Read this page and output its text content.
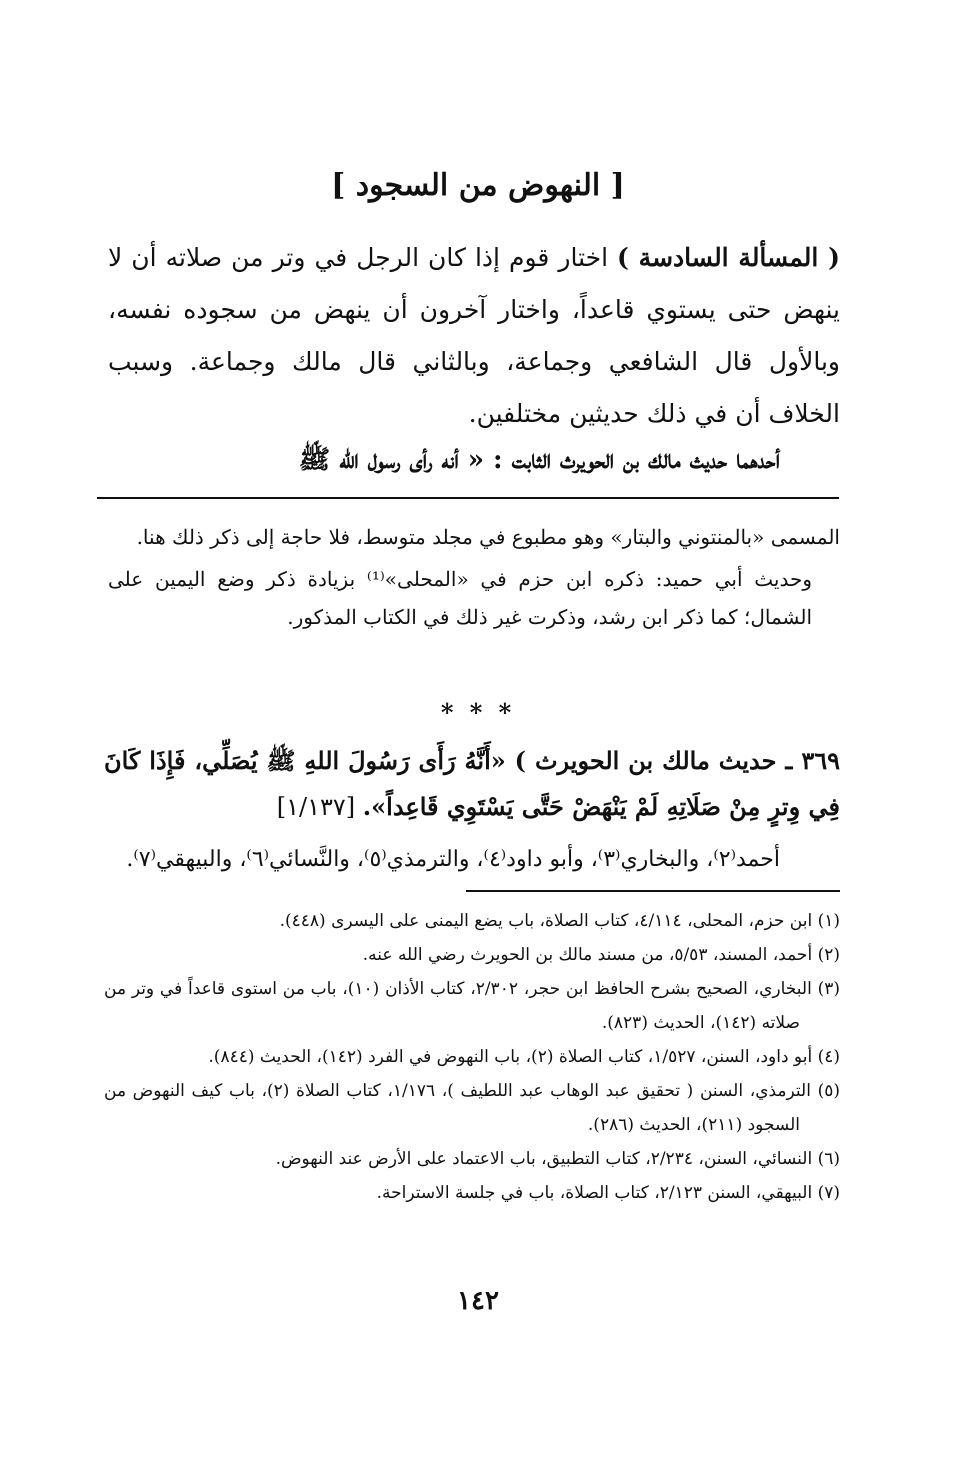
[ النهوض من السجود ]

( المسألة السادسة ) اختار قوم إذا كان الرجل في وتر من صلاته أن لا ينهض حتى يستوي قاعداً، واختار آخرون أن ينهض من سجوده نفسه، وبالأول قال الشافعي وجماعة، وبالثاني قال مالك وجماعة. وسبب الخلاف أن في ذلك حديثين مختلفين.

أحدهما حديث مالك بن الحويرث الثابت : « أنه رأى رسول الله ﷺ

المسمى «بالمنتوني والبتار» وهو مطبوع في مجلد متوسط، فلا حاجة إلى ذكر ذلك هنا.

وحديث أبي حميد: ذكره ابن حزم في «المحلى»⁽¹⁾ بزيادة ذكر وضع اليمين على الشمال؛ كما ذكر ابن رشد، وذكرت غير ذلك في الكتاب المذكور.

* * *
٣٦٩ ـ حديث مالك بن الحويرث ) «أَنَّهُ رَأَى رَسُولَ اللهِ ﷺ يُصَلِّي، فَإِذَا كَانَ فِي وِترٍ مِنْ صَلَاتِهِ لَمْ يَنْهَضْ حَتَّى يَسْتَوِي قَاعِداً». [١/١٣٧]
أحمد⁽٢⁾، والبخاري⁽٣⁾، وأبو داود⁽٤⁾، والترمذي⁽٥⁾، والنَّسائي⁽٦⁾، والبيهقي⁽٧⁾.

(١) ابن حزم، المحلى، ٤/١١٤، كتاب الصلاة، باب يضع اليمنى على اليسرى (٤٤٨).

(٢) أحمد، المسند، ٥/٥٣، من مسند مالك بن الحويرث رضي الله عنه.

(٣) البخاري، الصحيح بشرح الحافظ ابن حجر، ٢/٣٠٢، كتاب الأذان (١٠)، باب من استوى قاعداً في وتر من صلاته (١٤٢)، الحديث (٨٢٣).

(٤) أبو داود، السنن، ١/٥٢٧، كتاب الصلاة (٢)، باب النهوض في الفرد (١٤٢)، الحديث (٨٤٤).

(٥) الترمذي، السنن ( تحقيق عبد الوهاب عبد اللطيف )، ١/١٧٦، كتاب الصلاة (٢)، باب كيف النهوض من السجود (٢١١)، الحديث (٢٨٦).

(٦) النسائي، السنن، ٢/٢٣٤، كتاب التطبيق، باب الاعتماد على الأرض عند النهوض.

(٧) البيهقي، السنن ٢/١٢٣، كتاب الصلاة، باب في جلسة الاستراحة.

١٤٢
